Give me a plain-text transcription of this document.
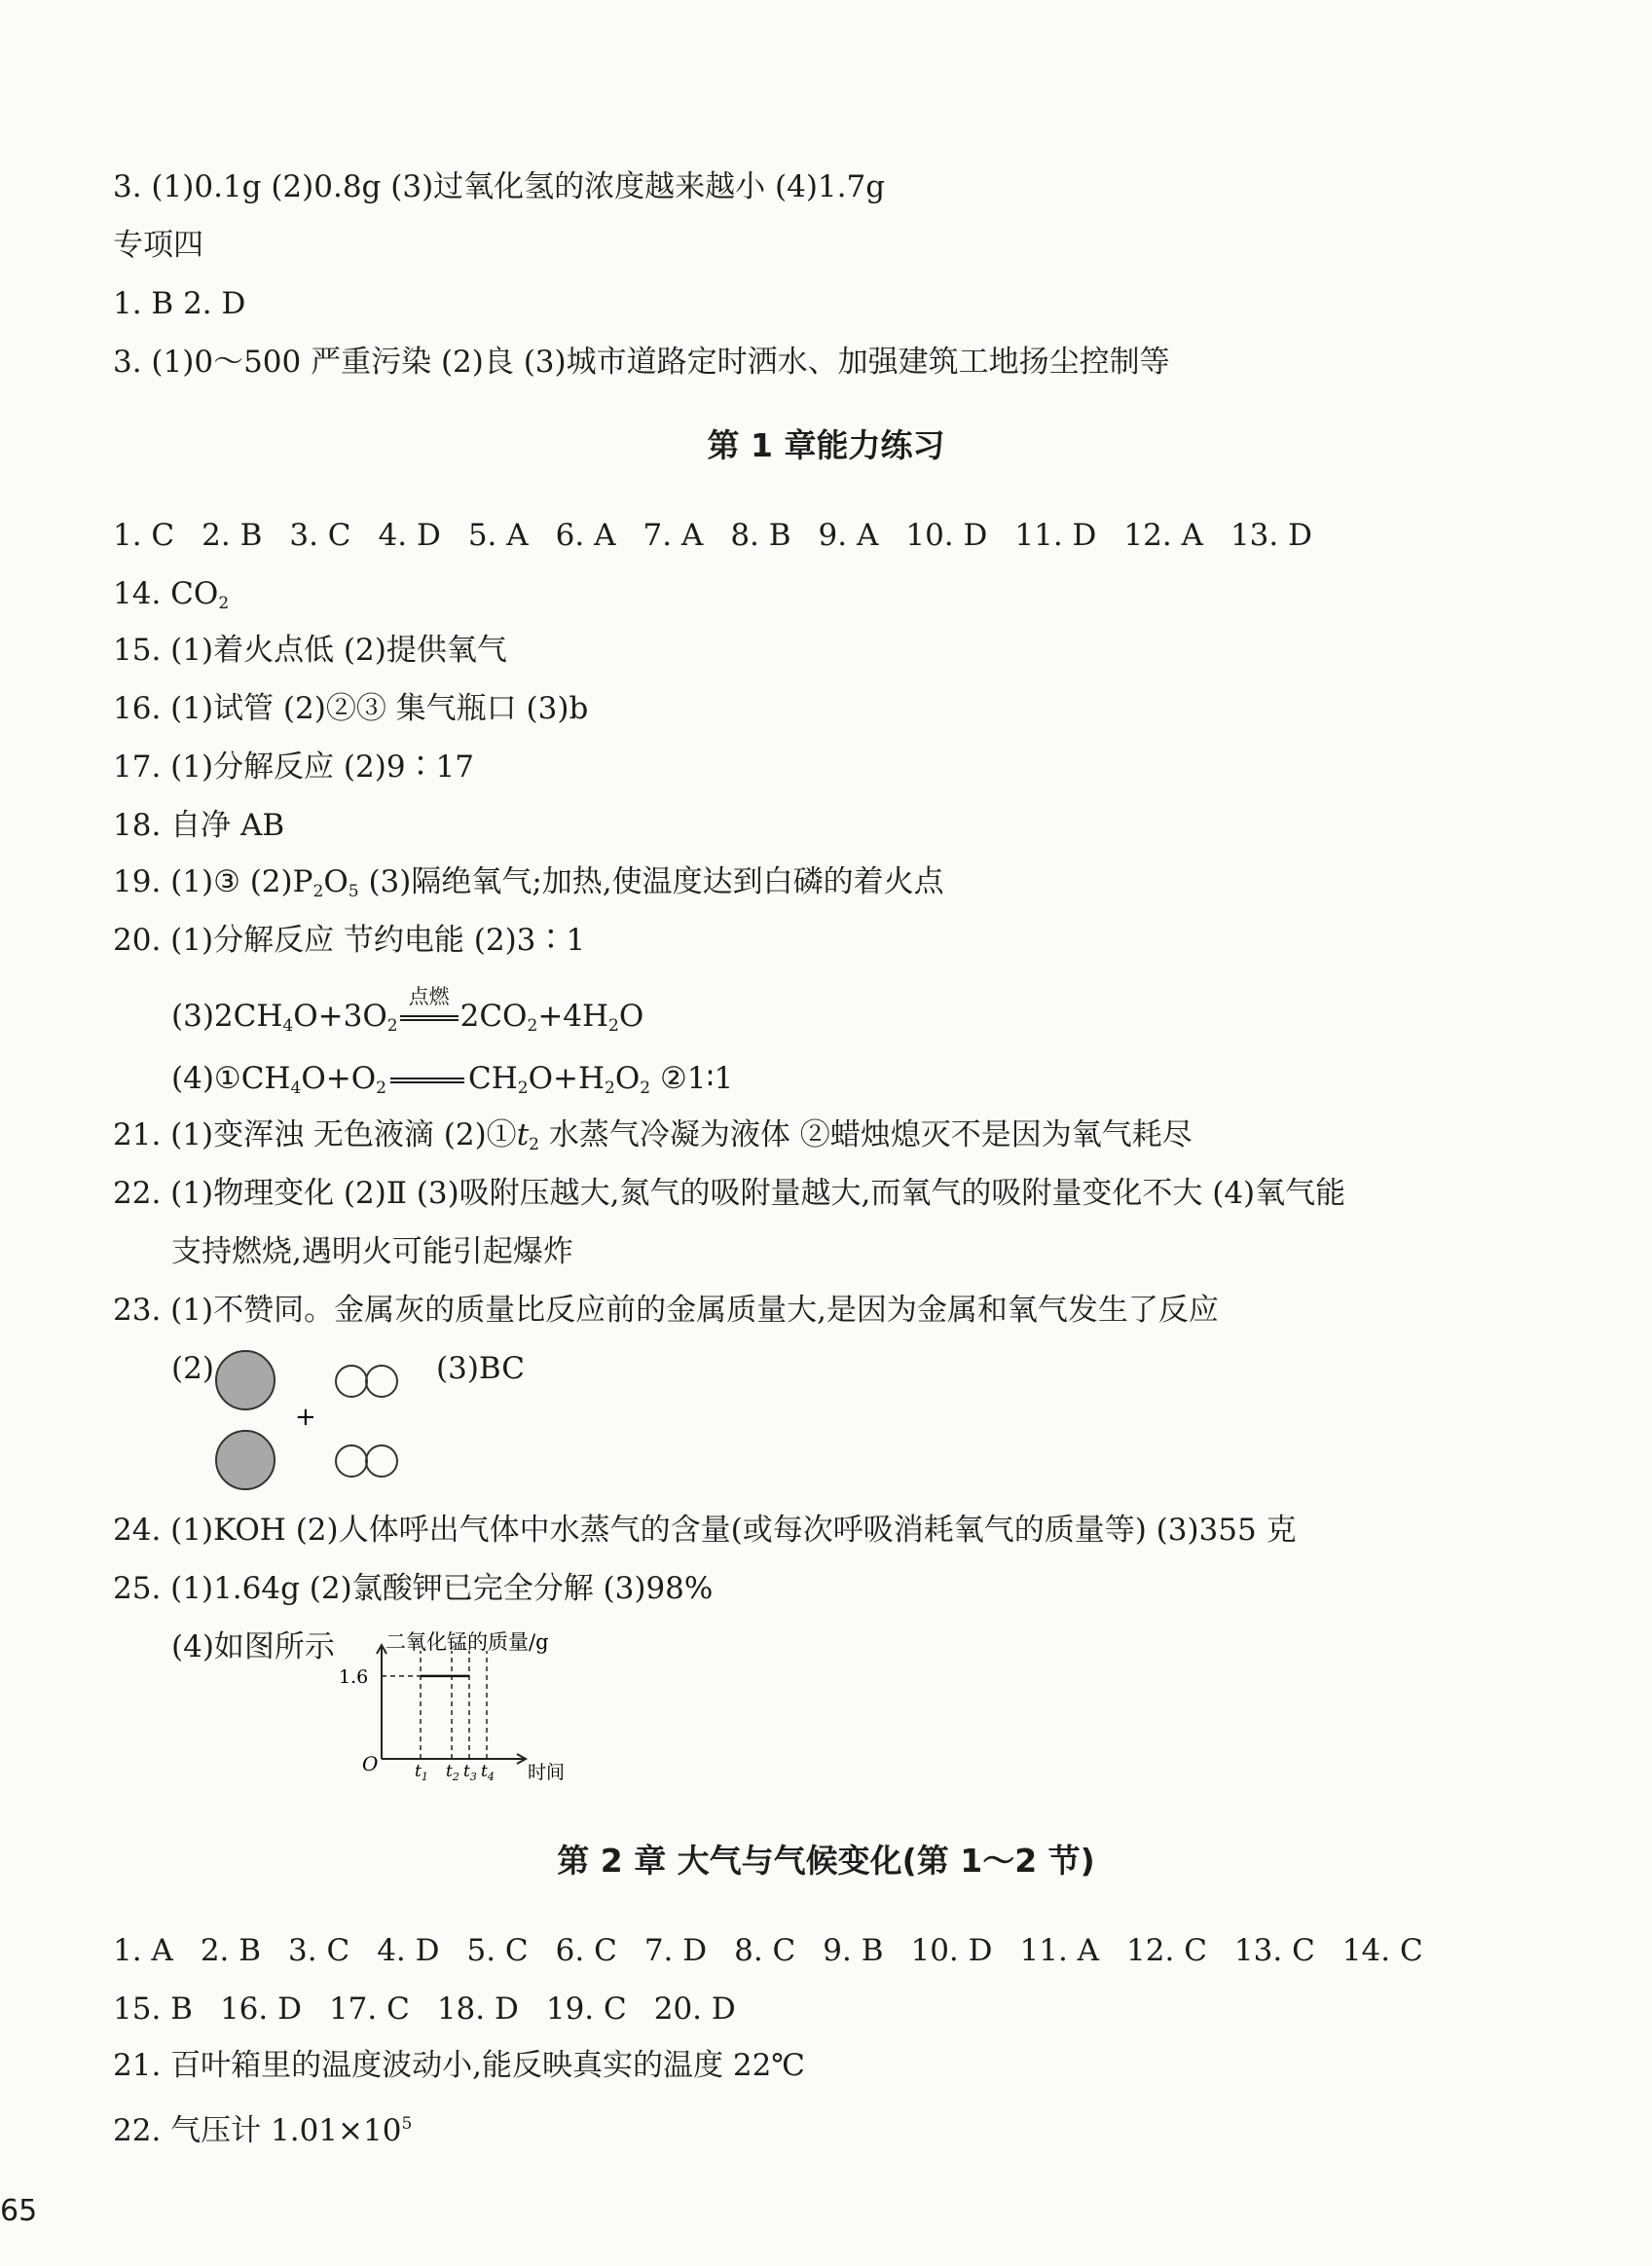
3. (1)0.1g (2)0.8g (3)过氧化氢的浓度越来越小 (4)1.7g
专项四
1. B 2. D
3. (1)0～500 严重污染 (2)良 (3)城市道路定时洒水、加强建筑工地扬尘控制等
第 1 章能力练习
1. C 2. B 3. C 4. D 5. A 6. A 7. A 8. B 9. A 10. D 11. D 12. A 13. D
14. $CO_2$
15. (1)着火点低 (2)提供氧气
16. (1)试管 (2)②③ 集气瓶口 (3)b
17. (1)分解反应 (2)9∶17
18. 自净 AB
19. (1)③ $(2)P_2O_5$ (3)隔绝氧气;加热,使温度达到白磷的着火点
20. (1)分解反应 节约电能 (2)3∶1
$(3)2CH_4O+3O_2$
点燃
$2CO_2+4H_2O$
$(4)①CH_4O+O_2$	$CH_2O+H_2O_2$ ②1∶1
21. (1)变浑浊 无色液滴 $(2)①t_2$ 水蒸气冷凝为液体 ②蜡烛熄灭不是因为氧气耗尽
22. (1)物理变化 (2)Ⅱ (3)吸附压越大,氮气的吸附量越大,而氧气的吸附量变化不大 (4)氧气能
支持燃烧,遇明火可能引起爆炸
23. (1)不赞同。金属灰的质量比反应前的金属质量大,是因为金属和氧气发生了反应
(2)
+
(3)BC
24. (1)KOH (2)人体呼出气体中水蒸气的含量(或每次呼吸消耗氧气的质量等) (3)355 克
25. (1)1.64g (2)氯酸钾已完全分解 (3)98%
(4)如图所示 二氧化锰的质量/g
时间
O
1.6
$t_1$ $t_2$ $t_3$ $t_4$
第 2 章 大气与气候变化(第 1～2 节)
1. A 2. B 3. C 4. D 5. C 6. C 7. D 8. C 9. B 10. D 11. A 12. C 13. C 14. C
15. B 16. D 17. C 18. D 19. C 20. D
21. 百叶箱里的温度波动小,能反映真实的温度 22℃
22. 气压计 $1.01\times 10^5$
65
